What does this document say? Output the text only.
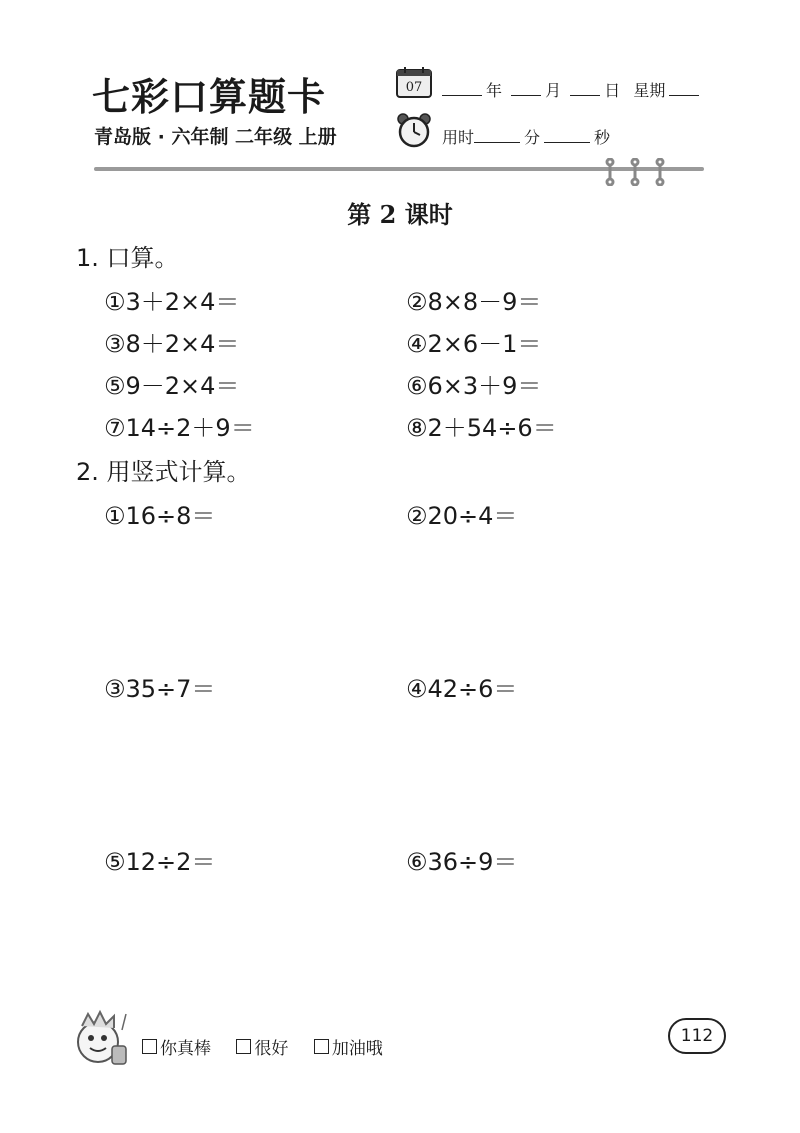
七彩口算题卡
青岛版 · 六年制 二年级 上册
07	年	月	日 星期
用时	分	秒
第 2 课时
1. 口算。
①3＋2×4＝	②8×8－9＝
③8＋2×4＝	④2×6－1＝
⑤9－2×4＝	⑥6×3＋9＝
⑦14÷2＋9＝	⑧2＋54÷6＝
2. 用竖式计算。
①16÷8＝	②20÷4＝
③35÷7＝	④42÷6＝
⑤12÷2＝	⑥36÷9＝
你真棒
	很好
	加油哦
112
